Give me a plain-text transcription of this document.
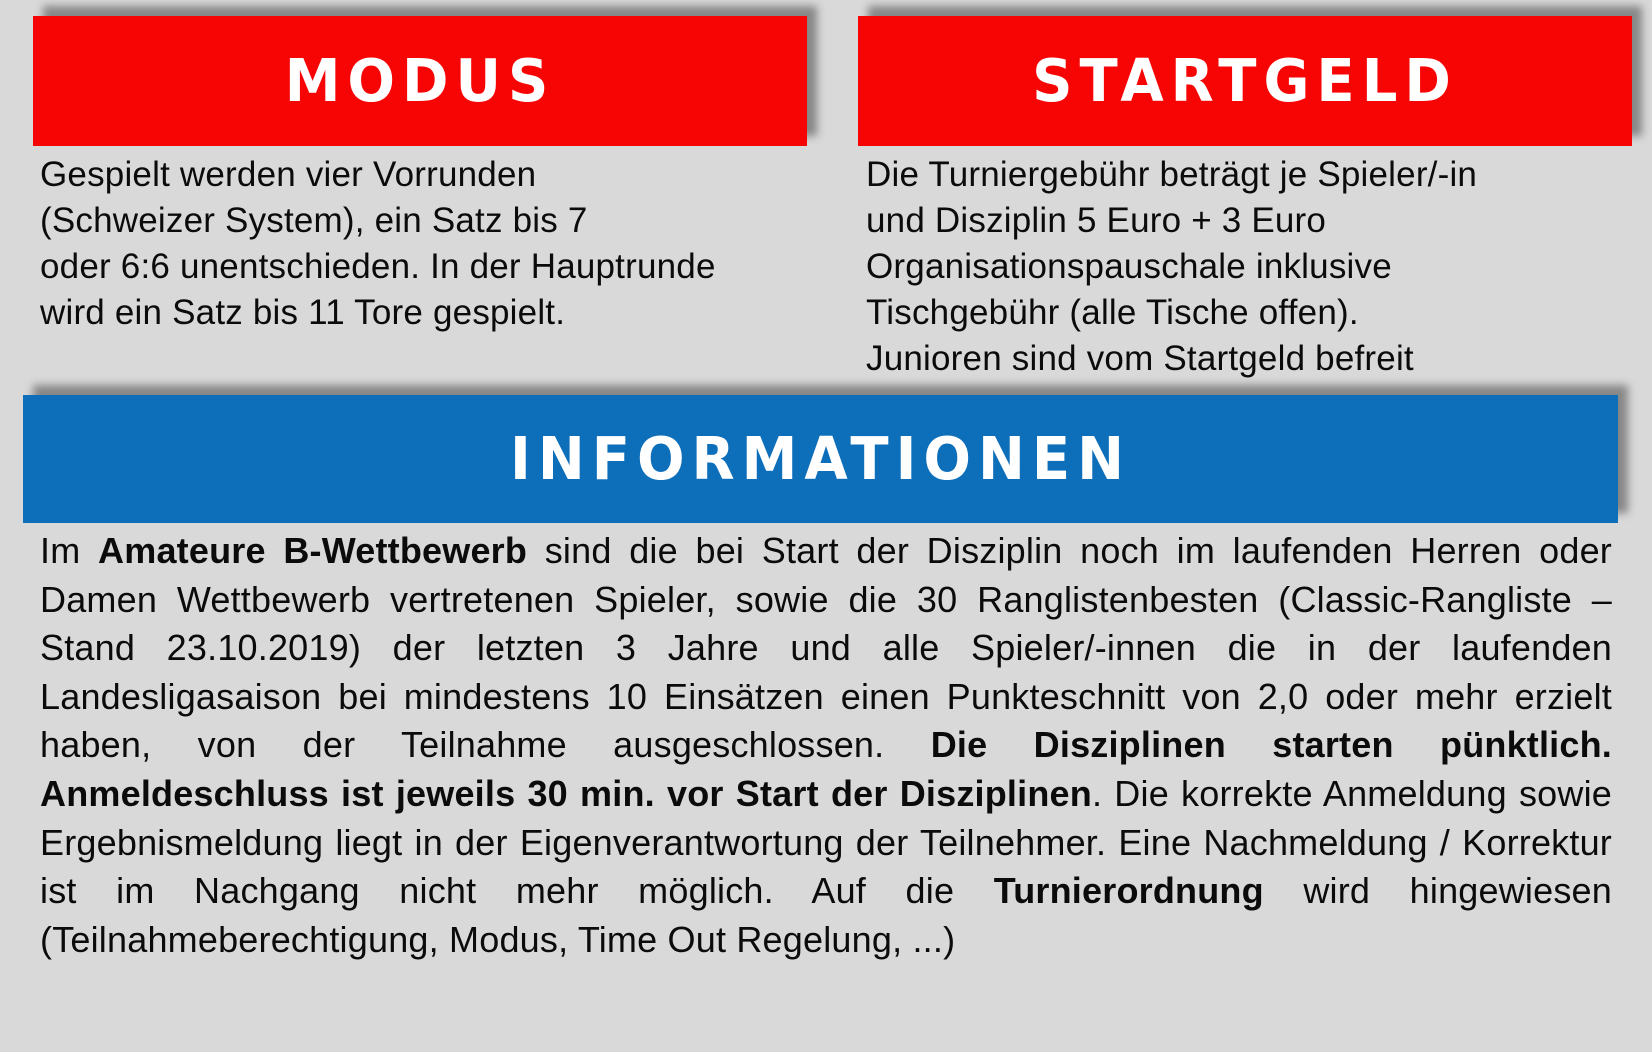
MODUS
Gespielt werden vier Vorrunden
(Schweizer System), ein Satz bis 7
oder 6:6 unentschieden. In der Hauptrunde
wird ein Satz bis 11 Tore gespielt.
STARTGELD
Die Turniergebühr beträgt je Spieler/-in
und Disziplin 5 Euro + 3 Euro
Organisationspauschale inklusive
Tischgebühr (alle Tische offen).
Junioren sind vom Startgeld befreit
INFORMATIONEN

Im Amateure B-Wettbewerb sind die bei Start der Disziplin noch im laufenden Herren oder Damen Wettbewerb vertretenen Spieler, sowie die 30 Ranglistenbesten (Classic-Rangliste – Stand 23.10.2019) der letzten 3 Jahre und alle Spieler/-innen die in der laufenden Landesligasaison bei mindestens 10 Einsätzen einen Punkteschnitt von 2,0 oder mehr erzielt haben, von der Teilnahme ausgeschlossen. Die Disziplinen starten pünktlich. Anmeldeschluss ist jeweils 30 min. vor Start der Disziplinen. Die korrekte Anmeldung sowie Ergebnismeldung liegt in der Eigenverantwortung der Teilnehmer. Eine Nachmeldung / Korrektur ist im Nachgang nicht mehr möglich. Auf die Turnierordnung wird hingewiesen (Teilnahmeberechtigung, Modus, Time Out Regelung, ...)
